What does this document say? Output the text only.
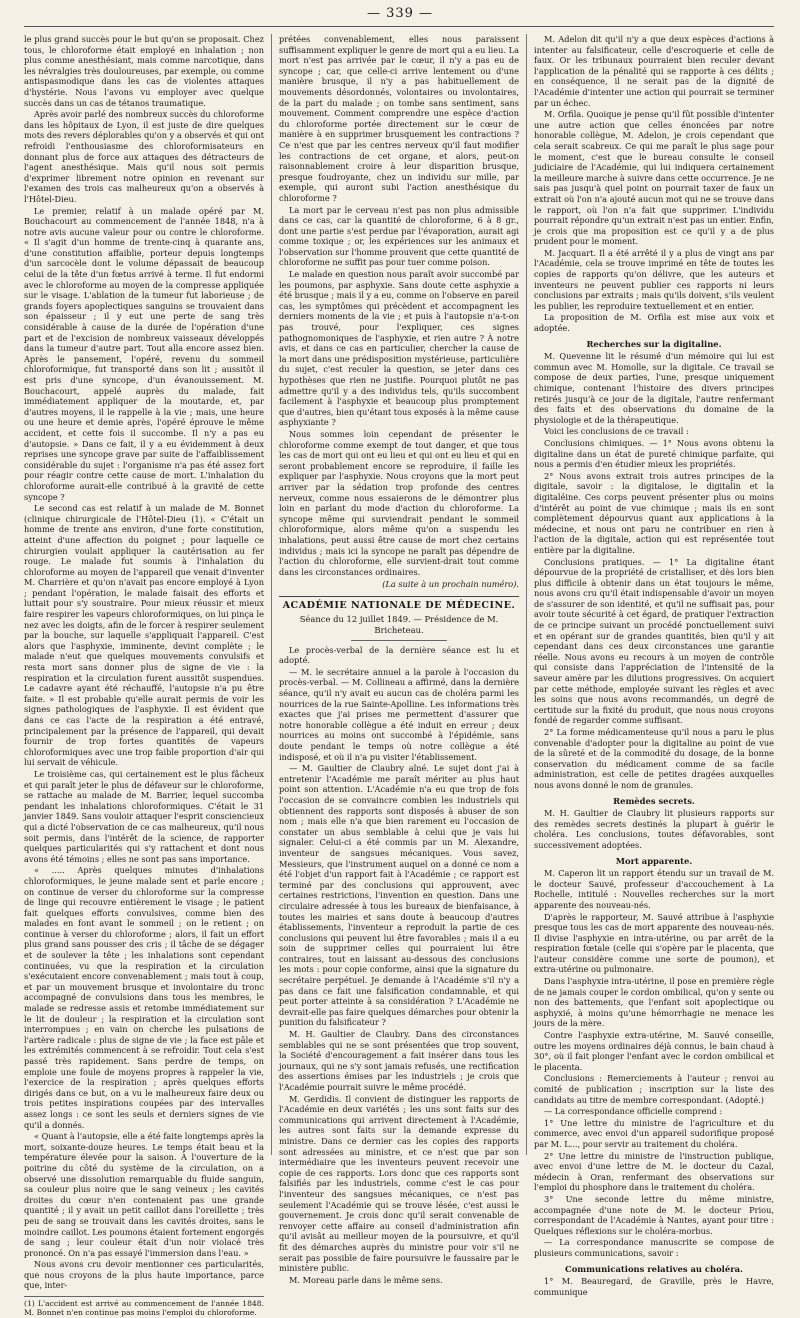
— 339 —

le plus grand succès pour le but qu'on se proposait. Chez tous, le chloroforme était employé en inhalation ; non plus comme anesthésiant, mais comme narcotique, dans les névralgies très douloureuses, par exemple, ou comme antispasmodique dans les cas de violentes attaques d'hystérie. Nous l'avons vu employer avec quelque succès dans un cas de tétanos traumatique.

Après avoir parlé des nombreux succès du chloroforme dans les hôpitaux de Lyon, il est juste de dire quelques mots des revers déplorables qu'on y a observés et qui ont refroidi l'enthousiasme des chloroformisateurs en donnant plus de force aux attaques des détracteurs de l'agent anesthésique. Mais qu'il nous soit permis d'exprimer librement notre opinion en revenant sur l'examen des trois cas malheureux qu'on a observés à l'Hôtel-Dieu.

Le premier, relatif à un malade opéré par M. Bouchacourt au commencement de l'année 1848, n'a à notre avis aucune valeur pour ou contre le chloroforme. « Il s'agit d'un homme de trente-cinq à quarante ans, d'une constitution affaiblie, porteur depuis longtemps d'un sarcocèle dont le volume dépassait de beaucoup celui de la tête d'un fœtus arrivé à terme. Il fut endormi avec le chloroforme au moyen de la compresse appliquée sur le visage. L'ablation de la tumeur fut laborieuse ; de grands foyers apoplectiques sanguins se trouvaient dans son épaisseur ; il y eut une perte de sang très considérable à cause de la durée de l'opération d'une part et de l'excision de nombreux vaisseaux développés dans la tumeur d'autre part. Tout alla encore assez bien. Après le pansement, l'opéré, revenu du sommeil chloroformique, fut transporté dans son lit ; aussitôt il est pris d'une syncope, d'un évanouissement. M. Bouchacourt, appelé auprès du malade, fait immédiatement appliquer de la moutarde, et, par d'autres moyens, il le rappelle à la vie ; mais, une heure ou une heure et demie après, l'opéré éprouve le même accident, et cette fois il succombe. Il n'y a pas eu d'autopsie. » Dans ce fait, il y a eu évidemment à deux reprises une syncope grave par suite de l'affaiblissement considérable du sujet : l'organisme n'a pas été assez fort pour réagir contre cette cause de mort. L'inhalation du chloroforme aurait-elle contribué à la gravité de cette syncope ?

Le second cas est relatif à un malade de M. Bonnet (clinique chirurgicale de l'Hôtel-Dieu (1). « C'était un homme de trente ans environ, d'une forte constitution, atteint d'une affection du poignet ; pour laquelle ce chirurgien voulait appliquer la cautérisation au fer rouge. Le malade fut soumis à l'inhalation du chloroforme au moyen de l'appareil que venait d'inventer M. Charrière et qu'on n'avait pas encore employé à Lyon ; pendant l'opération, le malade faisait des efforts et luttait pour s'y soustraire. Pour mieux réussir et mieux faire respirer les vapeurs chloroformiques, on lui pinça le nez avec les doigts, afin de le forcer à respirer seulement par la bouche, sur laquelle s'appliquait l'appareil. C'est alors que l'asphyxie, imminente, devint complète ; le malade n'eut que quelques mouvements convulsifs et resta mort sans donner plus de signe de vie : la respiration et la circulation furent aussitôt suspendues. Le cadavre ayant été réchauffé, l'autopsie n'a pu être faite. » Il est probable qu'elle aurait permis de voir les signes pathologiques de l'asphyxie. Il est évident que dans ce cas l'acte de la respiration a été entravé, principalement par la présence de l'appareil, qui devait fournir de trop fortes quantités de vapeurs chloroformiques avec une trop faible proportion d'air qui lui servait de véhicule.

Le troisième cas, qui certainement est le plus fâcheux et qui paraît jeter le plus de défaveur sur le chloroforme, se rattache au malade de M. Barrier, lequel succomba pendant les inhalations chloroformiques. C'était le 31 janvier 1849. Sans vouloir attaquer l'esprit consciencieux qui a dicté l'observation de ce cas malheureux, qu'il nous soit permis, dans l'intérêt de la science, de rapporter quelques particularités qui s'y rattachent et dont nous avons été témoins ; elles ne sont pas sans importance.

« ..... Après quelques minutes d'inhalations chloroformiques, le jeune malade sent et parle encore ; on continue de verser du chloroforme sur la compresse de linge qui recouvre entièrement le visage ; le patient fait quelques efforts convulsives, comme bien des malades en font avant le sommeil ; on le retient ; on continue à verser du chloroforme ; alors, il fait un effort plus grand sans pousser des cris ; il tâche de se dégager et de soulever la tête ; les inhalations sont cependant continuées, vu que la respiration et la circulation s'exécutaient encore convenablement ; mais tout à coup, et par un mouvement brusque et involontaire du tronc accompagné de convulsions dans tous les membres, le malade se redresse assis et retombe immédiatement sur le lit de douleur ; la respiration et la circulation sont interrompues ; en vain on cherche les pulsations de l'artère radicale : plus de signe de vie ; la face est pâle et les extrémités commencent à se refroidir. Tout cela s'est passé très rapidement. Sans perdre de temps, on emploie une foule de moyens propres à rappeler la vie, l'exercice de la respiration ; après quelques efforts dirigés dans ce but, on a vu le malheureux faire deux ou trois petites inspirations coupées par des intervalles assez longs : ce sont les seuls et derniers signes de vie qu'il a donnés.

« Quant à l'autopsie, elle a été faite longtemps après la mort, soixante-douze heures. Le temps était beau et la température élevée pour la saison. À l'ouverture de la poitrine du côté du système de la circulation, on a observé une dissolution remarquable du fluide sanguin, sa couleur plus noire que le sang veineux ; les cavités droites du cœur n'en contenaient pas une grande quantité ; il y avait un petit caillot dans l'oreillette ; très peu de sang se trouvait dans les cavités droites, sans le moindre caillot. Les poumons étaient fortement engorgés de sang ; leur couleur était d'un noir violacé très prononcé. On n'a pas essayé l'immersion dans l'eau. »

Nous avons cru devoir mentionner ces particularités, que nous croyons de la plus haute importance, parce que, inter-

(1) L'accident est arrivé au commencement de l'année 1848. M. Bonnet n'en continue pas moins l'emploi du chloroforme.

prétées convenablement, elles nous paraissent suffisamment expliquer le genre de mort qui a eu lieu. La mort n'est pas arrivée par le cœur, il n'y a pas eu de syncope ; car, que celle-ci arrive lentement ou d'une manière brusque, il n'y a pas habituellement de mouvements désordonnés, volontaires ou involontaires, de la part du malade ; on tombe sans sentiment, sans mouvement. Comment comprendre une espèce d'action du chloroforme portée directement sur le cœur de manière à en supprimer brusquement les contractions ? Ce n'est que par les centres nerveux qu'il faut modifier les contractions de cet organe, et alors, peut-on raisonnablement croire à leur disparition brusque, presque foudroyante, chez un individu sur mille, par exemple, qui auront subi l'action anesthésique du chloroforme ?

La mort par le cerveau n'est pas non plus admissible dans ce cas, car la quantité de chloroforme, 6 à 8 gr., dont une partie s'est perdue par l'évaporation, aurait agi comme toxique ; or, les expériences sur les animaux et l'observation sur l'homme prouvent que cette quantité de chloroforme ne suffit pas pour tuer comme poison.

Le malade en question nous paraît avoir succombé par les poumons, par asphyxie. Sans doute cette asphyxie a été brusque ; mais il y a eu, comme on l'observe en pareil cas, les symptômes qui précèdent et accompagnent les derniers moments de la vie ; et puis à l'autopsie n'a-t-on pas trouvé, pour l'expliquer, ces signes pathognomoniques de l'asphyxie, et rien autre ? À notre avis, et dans ce cas en particulier, chercher la cause de la mort dans une prédisposition mystérieuse, particulière du sujet, c'est reculer la question, se jeter dans ces hypothèses que rien ne justifie. Pourquoi plutôt ne pas admettre qu'il y a des individus tels, qu'ils succombent facilement à l'asphyxie et beaucoup plus promptement que d'autres, bien qu'étant tous exposés à la même cause asphyxiante ?

Nous sommes loin cependant de présenter le chloroforme comme exempt de tout danger, et que tous les cas de mort qui ont eu lieu et qui ont eu lieu et qui en seront probablement encore se reproduire, il faille les expliquer par l'asphyxie. Nous croyons que la mort peut arriver par la sédation trop profonde des centres nerveux, comme nous essaierons de le démontrer plus loin en parlant du mode d'action du chloroforme. La syncope même qui surviendrait pendant le sommeil chloroformique, alors même qu'on a suspendu les inhalations, peut aussi être cause de mort chez certains individus ; mais ici la syncope ne paraît pas dépendre de l'action du chloroforme, elle survient-drait tout comme dans les circonstances ordinaires.

(La suite à un prochain numéro).
ACADÉMIE NATIONALE DE MÉDECINE.
Séance du 12 juillet 1849. — Présidence de M. Bricheteau.

Le procès-verbal de la dernière séance est lu et adopté.

— M. le secrétaire annuel a la parole à l'occasion du procès-verbal. — M. Collineau a affirmé, dans la dernière séance, qu'il n'y avait eu aucun cas de choléra parmi les nourrices de la rue Sainte-Apolline. Les informations très exactes que j'ai prises me permettent d'assurer que notre honorable collègue a été induit en erreur ; deux nourrices au moins ont succombé à l'épidémie, sans doute pendant le temps où notre collègue a été indisposé, et où il n'a pu visiter l'établissement.

— M. Gaultier de Claubry aîné. Le sujet dont j'ai à entretenir l'Académie me paraît mériter au plus haut point son attention. L'Académie n'a eu que trop de fois l'occasion de se convaincre combien les industriels qui obtiennent des rapports sont disposés à abuser de son nom ; mais elle n'a que bien rarement eu l'occasion de constater un abus semblable à celui que je vais lui signaler. Celui-ci a été commis par un M. Alexandre, inventeur de sangsues mécaniques. Vous savez, Messieurs, que l'instrument auquel on a donné ce nom a été l'objet d'un rapport fait à l'Académie ; ce rapport est terminé par des conclusions qui approuvent, avec certaines restrictions, l'invention en question. Dans une circulaire adressée à tous les bureaux de bienfaisance, à toutes les mairies et sans doute à beaucoup d'autres établissements, l'inventeur a reproduit la partie de ces conclusions qui peuvent lui être favorables ; mais il a eu soin de supprimer celles qui pourraient lui être contraires, tout en laissant au-dessous des conclusions les mots : pour copie conforme, ainsi que la signature du secrétaire perpétuel. Je demande à l'Académie s'il n'y a pas dans ce fait une falsification condamnable, et qui peut porter atteinte à sa considération ? L'Académie ne devrait-elle pas faire quelques démarches pour obtenir la punition du falsificateur ?

M. H. Gaultier de Claubry. Dans des circonstances semblables qui ne se sont présentées que trop souvent, la Société d'encouragement a fait insérer dans tous les journaux, qui ne s'y sont jamais refusés, une rectification des assertions émises par les industriels ; je crois que l'Académie pourrait suivre le même procédé.

M. Gerdidis. Il convient de distinguer les rapports de l'Académie en deux variétés ; les uns sont faits sur des communications qui arrivent directement à l'Académie, les autres sont faits sur la demande expresse du ministre. Dans ce dernier cas les copies des rapports sont adressées au ministre, et ce n'est que par son intermédiaire que les inventeurs peuvent recevoir une copie de ces rapports. Lors donc que ces rapports sont falsifiés par les industriels, comme c'est le cas pour l'inventeur des sangsues mécaniques, ce n'est pas seulement l'Académie qui se trouve lésée, c'est aussi le gouvernement. Je crois donc qu'il serait convenable de renvoyer cette affaire au conseil d'administration afin qu'il avisât au meilleur moyen de la poursuivre, et qu'il fit des démarches auprès du ministre pour voir s'il ne serait pas possible de faire poursuivre le faussaire par le ministère public.

M. Moreau parle dans le même sens.

M. Adelon dit qu'il n'y a que deux espèces d'actions à intenter au falsificateur, celle d'escroquerie et celle de faux. Or les tribunaux pourraient bien reculer devant l'application de la pénalité qui se rapporte à ces délits ; en conséquence, il ne serait pas de la dignité de l'Académie d'intenter une action qui pourrait se terminer par un échec.

M. Orfila. Quoique je pense qu'il fût possible d'intenter une autre action que celles énoncées par notre honorable collègue, M. Adelon, je crois cependant que cela serait scabreux. Ce qui me paraît le plus sage pour le moment, c'est que le bureau consulte le conseil judiciaire de l'Académie, qui lui indiquera certainement la meilleure marche à suivre dans cette occurrence. Je ne sais pas jusqu'à quel point on pourrait taxer de faux un extrait où l'on n'a ajouté aucun mot qui ne se trouve dans le rapport, où l'on n'a fait que supprimer. L'individu pourrait répondre qu'un extrait n'est pas un entier. Enfin, je crois que ma proposition est ce qu'il y a de plus prudent pour le moment.

M. Jacquart. Il a été arrêté il y a plus de vingt ans par l'Académie, cela se trouve imprimé en tête de toutes les copies de rapports qu'on délivre, que les auteurs et inventeurs ne peuvent publier ces rapports ni leurs conclusions par extraits ; mais qu'ils doivent, s'ils veulent les publier, les reproduire textuellement et en entier.

La proposition de M. Orfila est mise aux voix et adoptée.

Recherches sur la digitaline.

M. Quevenne lit le résumé d'un mémoire qui lui est commun avec M. Homolle, sur la digitale. Ce travail se compose de deux parties, l'une, presque uniquement chimique, contenant l'histoire des divers principes retirés jusqu'à ce jour de la digitale, l'autre renfermant des faits et des observations du domaine de la physiologie et de la thérapeutique.

Voici les conclusions de ce travail :

Conclusions chimiques. — 1° Nous avons obtenu la digitaline dans un état de pureté chimique parfaite, qui nous a permis d'en étudier mieux les propriétés.

2° Nous avons extrait trois autres principes de la digitale, savoir : la digitalose, le digitalin et la digitaléine. Ces corps peuvent présenter plus ou moins d'intérêt au point de vue chimique ; mais ils en sont complètement dépourvus quant aux applications à la médecine, et nous ont paru ne contribuer en rien à l'action de la digitale, action qui est représentée tout entière par la digitaline.

Conclusions pratiques. — 1° La digitaline étant dépourvue de la propriété de cristalliser, et dès lors bien plus difficile à obtenir dans un état toujours le même, nous avons cru qu'il était indispensable d'avoir un moyen de s'assurer de son identité, et qu'il ne suffisait pas, pour avoir toute sécurité à cet égard, de pratiquer l'extraction de ce principe suivant un procédé ponctuellement suivi et en opérant sur de grandes quantités, bien qu'il y ait cependant dans ces deux circonstances une garantie réelle. Nous avons eu recours à un moyen de contrôle qui consiste dans l'appréciation de l'intensité de la saveur amère par les dilutions progressives. On acquiert par cette méthode, employée suivant les règles et avec les soins que nous avons recommandés, un degré de certitude sur la fixité du produit, que nous nous croyons fondé de regarder comme suffisant.

2° La forme médicamenteuse qu'il nous a paru le plus convenable d'adopter pour la digitaline au point de vue de la sûreté et de la commodité du dosage, de la bonne conservation du médicament comme de sa facile administration, est celle de petites dragées auxquelles nous avons donné le nom de granules.

Remèdes secrets.

M. H. Gaultier de Claubry lit plusieurs rapports sur des remèdes secrets destinés la plupart à guérir le choléra. Les conclusions, toutes défavorables, sont successivement adoptées.

Mort apparente.

M. Caperon lit un rapport étendu sur un travail de M. le docteur Sauvé, professeur d'accouchement à La Rochelle, intitulé : Nouvelles recherches sur la mort apparente des nouveau-nés.

D'après le rapporteur, M. Sauvé attribue à l'asphyxie presque tous les cas de mort apparente des nouveau-nés. Il divise l'asphyxie en intra-utérine, ou par arrêt de la respiration fœtale (celle qui s'opère par le placenta, que l'auteur considère comme une sorte de poumon), et extra-utérine ou pulmonaire.

Dans l'asphyxie intra-utérine, il pose en première règle de ne jamais couper le cordon ombilical, qu'on y sente ou non des battements, que l'enfant soit apoplectique ou asphyxié, à moins qu'une hémorrhagie ne menace les jours de la mère.

Contre l'asphyxie extra-utérine, M. Sauvé conseille, outre les moyens ordinaires déjà connus, le bain chaud à 30°, où il fait plonger l'enfant avec le cordon ombilical et le placenta.

Conclusions : Remerciements à l'auteur ; renvoi au comité de publication ; inscription sur la liste des candidats au titre de membre correspondant. (Adopté.)

— La correspondance officielle comprend :

1° Une lettre du ministre de l'agriculture et du commerce, avec envoi d'un appareil sudorifique proposé par M. L..., pour servir au traitement du choléra.

2° Une lettre du ministre de l'instruction publique, avec envoi d'une lettre de M. le docteur du Cazal, médecin à Oran, renfermant des observations sur l'emploi du phosphore dans le traitement du choléra.

3° Une seconde lettre du même ministre, accompagnée d'une note de M. le docteur Priou, correspondant de l'Académie à Nantes, ayant pour titre : Quelques réflexions sur le choléra-morbus.

— La correspondance manuscrite se compose de plusieurs communications, savoir :

Communications relatives au choléra.

1° M. Beauregard, de Graville, près le Havre, communique
